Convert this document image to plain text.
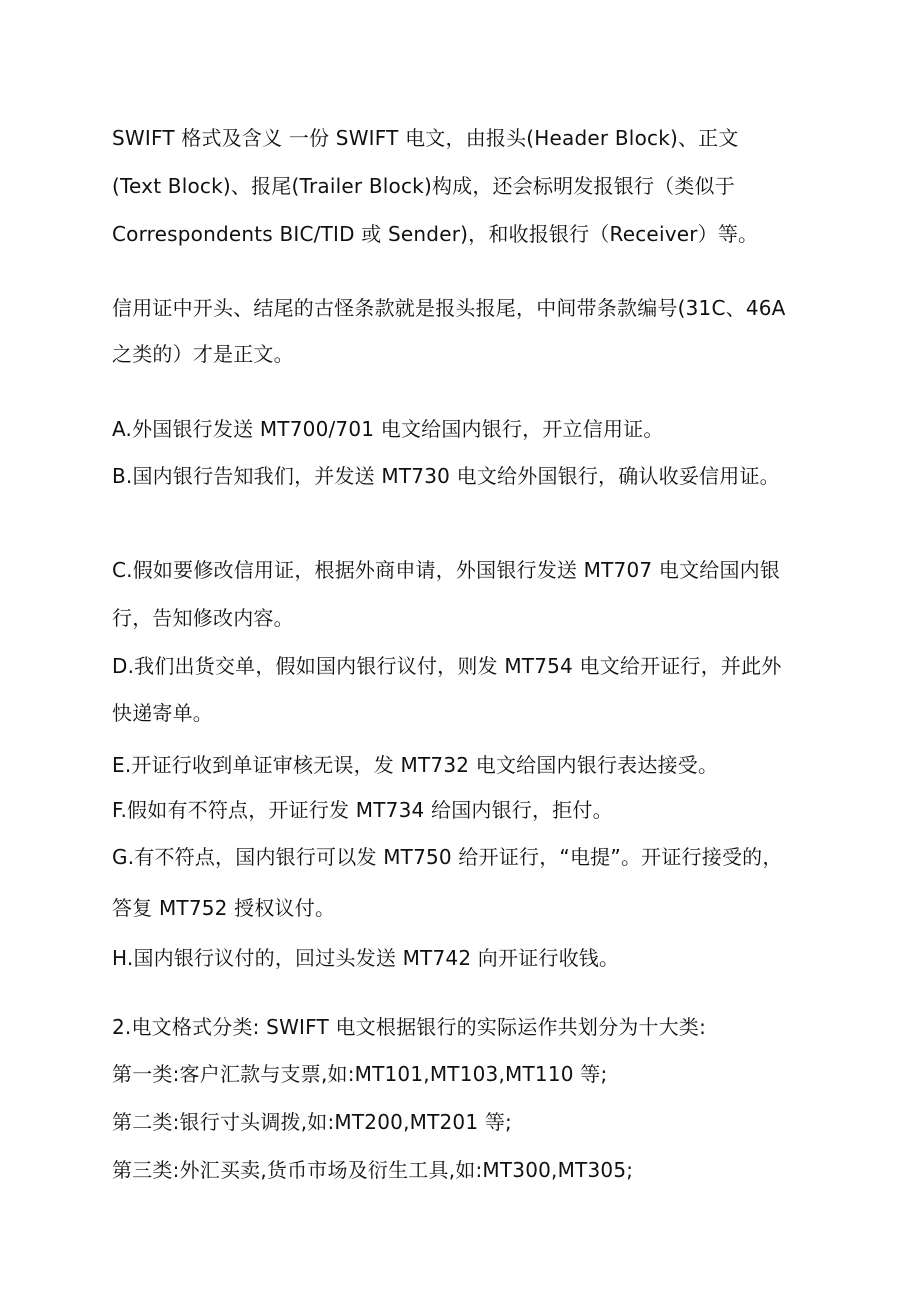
SWIFT 格式及含义 一份 SWIFT 电文，由报头(Header Block)、正文
(Text Block)、报尾(Trailer Block)构成，还会标明发报银行（类似于
Correspondents BIC/TID 或 Sender)，和收报银行（Receiver）等。
信用证中开头、结尾的古怪条款就是报头报尾，中间带条款编号(31C、46A
之类的）才是正文。
A.外国银行发送 MT700/701 电文给国内银行，开立信用证。
B.国内银行告知我们，并发送 MT730 电文给外国银行，确认收妥信用证。
C.假如要修改信用证，根据外商申请，外国银行发送 MT707 电文给国内银
行，告知修改内容。
D.我们出货交单，假如国内银行议付，则发 MT754 电文给开证行，并此外
快递寄单。
E.开证行收到单证审核无误，发 MT732 电文给国内银行表达接受。
F.假如有不符点，开证行发 MT734 给国内银行，拒付。
G.有不符点，国内银行可以发 MT750 给开证行，“电提”。开证行接受的，
答复 MT752 授权议付。
H.国内银行议付的，回过头发送 MT742 向开证行收钱。
2.电文格式分类: SWIFT 电文根据银行的实际运作共划分为十大类:
第一类:客户汇款与支票,如:MT101,MT103,MT110 等;
第二类:银行寸头调拨,如:MT200,MT201 等;
第三类:外汇买卖,货币市场及衍生工具,如:MT300,MT305;
